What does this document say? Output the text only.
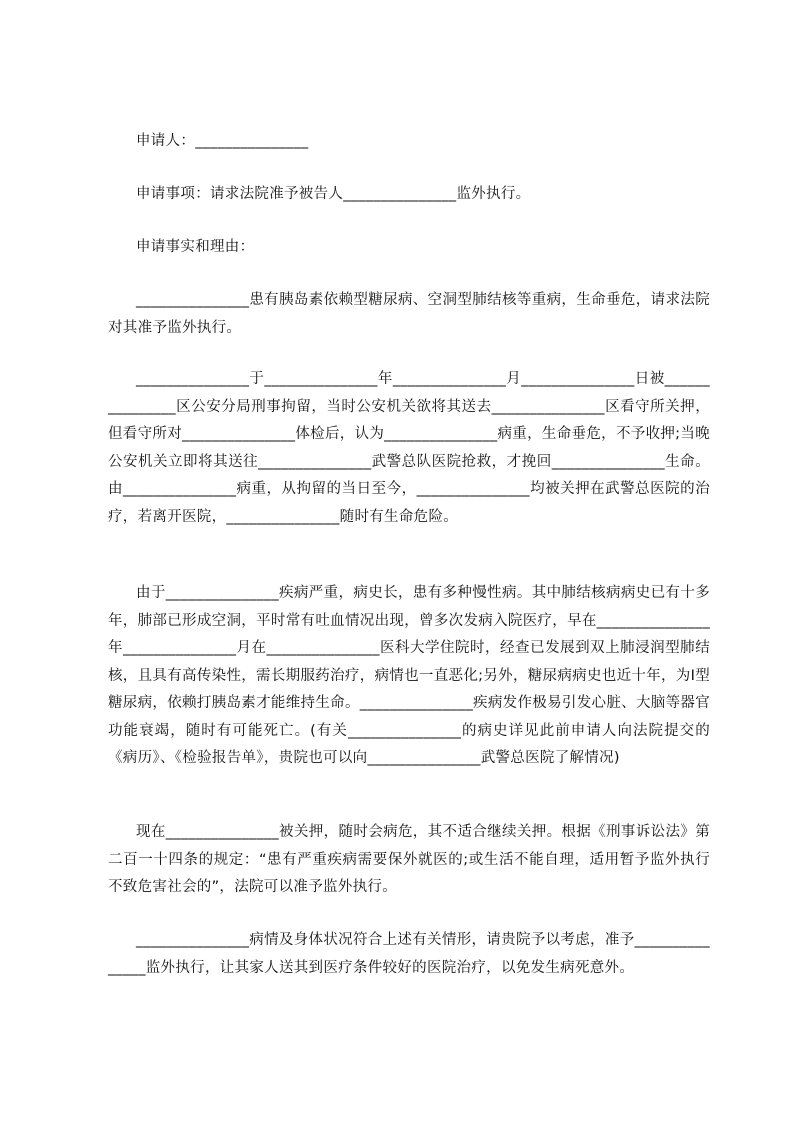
申请人：_______________

申请事项：请求法院准予被告人_______________监外执行。

申请事实和理由：

_______________患有胰岛素依赖型糖尿病、空洞型肺结核等重病，生命垂危，请求法院对其准予监外执行。

_______________于_______________年_______________月_______________日被_______________区公安分局刑事拘留，当时公安机关欲将其送去_______________区看守所关押，但看守所对_______________体检后，认为_______________病重，生命垂危，不予收押;当晚公安机关立即将其送往_______________武警总队医院抢救，才挽回_______________生命。由_______________病重，从拘留的当日至今，_______________均被关押在武警总医院的治疗，若离开医院，_______________随时有生命危险。

由于_______________疾病严重，病史长，患有多种慢性病。其中肺结核病病史已有十多年，肺部已形成空洞，平时常有吐血情况出现，曾多次发病入院医疗，早在_______________年_______________月在_______________医科大学住院时，经查已发展到双上肺浸润型肺结核，且具有高传染性，需长期服药治疗，病情也一直恶化;另外，糖尿病病史也近十年，为Ⅰ型糖尿病，依赖打胰岛素才能维持生命。_______________疾病发作极易引发心脏、大脑等器官功能衰竭，随时有可能死亡。(有关_______________的病史详见此前申请人向法院提交的《病历》、《检验报告单》，贵院也可以向_______________武警总医院了解情况)

现在_______________被关押，随时会病危，其不适合继续关押。根据《刑事诉讼法》第二百一十四条的规定：“患有严重疾病需要保外就医的;或生活不能自理，适用暂予监外执行不致危害社会的”，法院可以准予监外执行。

_______________病情及身体状况符合上述有关情形，请贵院予以考虑，准予_______________监外执行，让其家人送其到医疗条件较好的医院治疗，以免发生病死意外。
